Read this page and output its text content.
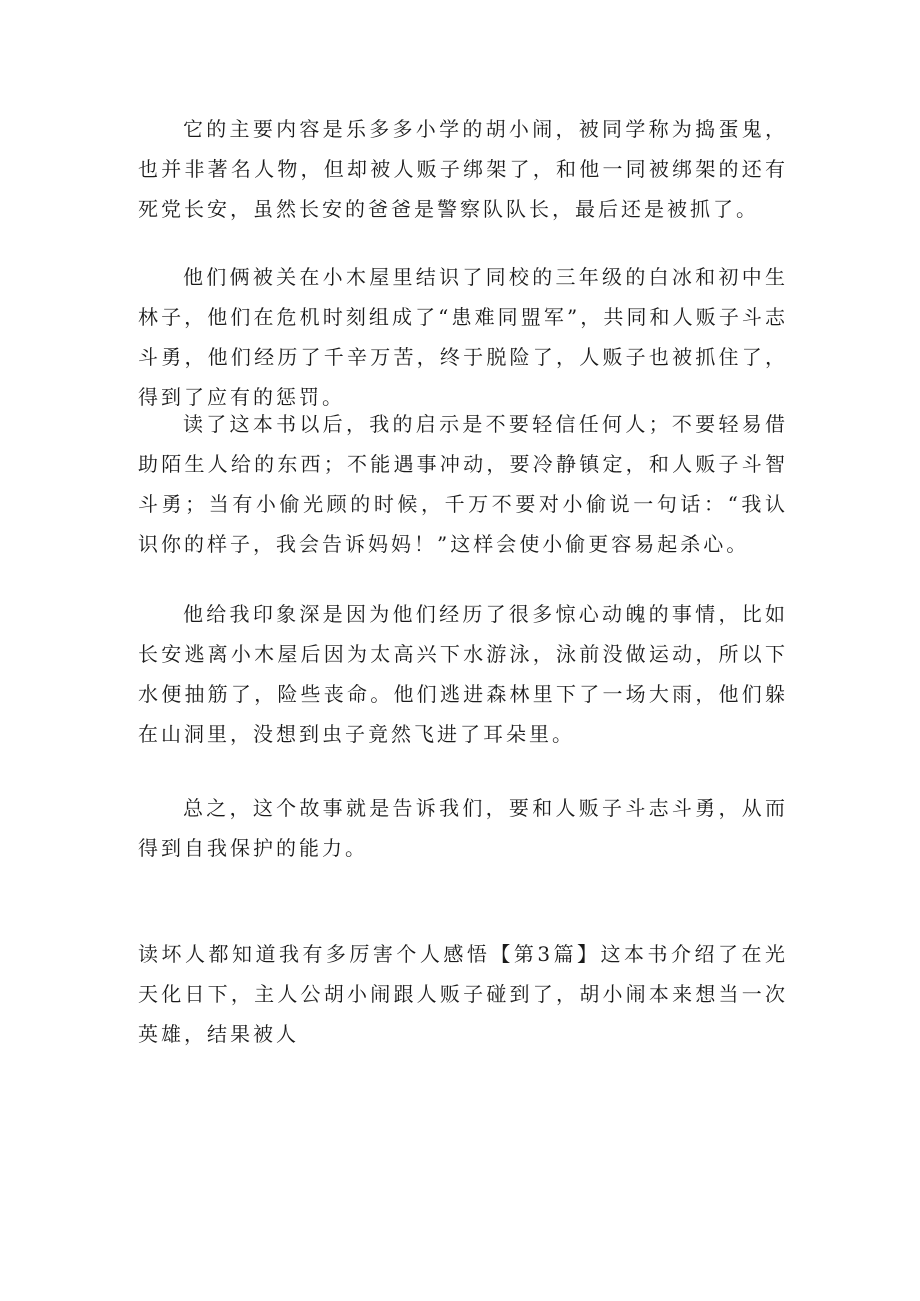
它的主要内容是乐多多小学的胡小闹，被同学称为捣蛋鬼，也并非著名人物，但却被人贩子绑架了，和他一同被绑架的还有死党长安，虽然长安的爸爸是警察队队长，最后还是被抓了。

他们俩被关在小木屋里结识了同校的三年级的白冰和初中生林子，他们在危机时刻组成了“患难同盟军”，共同和人贩子斗志斗勇，他们经历了千辛万苦，终于脱险了，人贩子也被抓住了，得到了应有的惩罚。

读了这本书以后，我的启示是不要轻信任何人；不要轻易借助陌生人给的东西；不能遇事冲动，要冷静镇定，和人贩子斗智斗勇；当有小偷光顾的时候，千万不要对小偷说一句话：“我认识你的样子，我会告诉妈妈！”这样会使小偷更容易起杀心。

他给我印象深是因为他们经历了很多惊心动魄的事情，比如长安逃离小木屋后因为太高兴下水游泳，泳前没做运动，所以下水便抽筋了，险些丧命。他们逃进森林里下了一场大雨，他们躲在山洞里，没想到虫子竟然飞进了耳朵里。

总之，这个故事就是告诉我们，要和人贩子斗志斗勇，从而得到自我保护的能力。

读坏人都知道我有多厉害个人感悟【第3篇】这本书介绍了在光天化日下，主人公胡小闹跟人贩子碰到了，胡小闹本来想当一次英雄，结果被人
